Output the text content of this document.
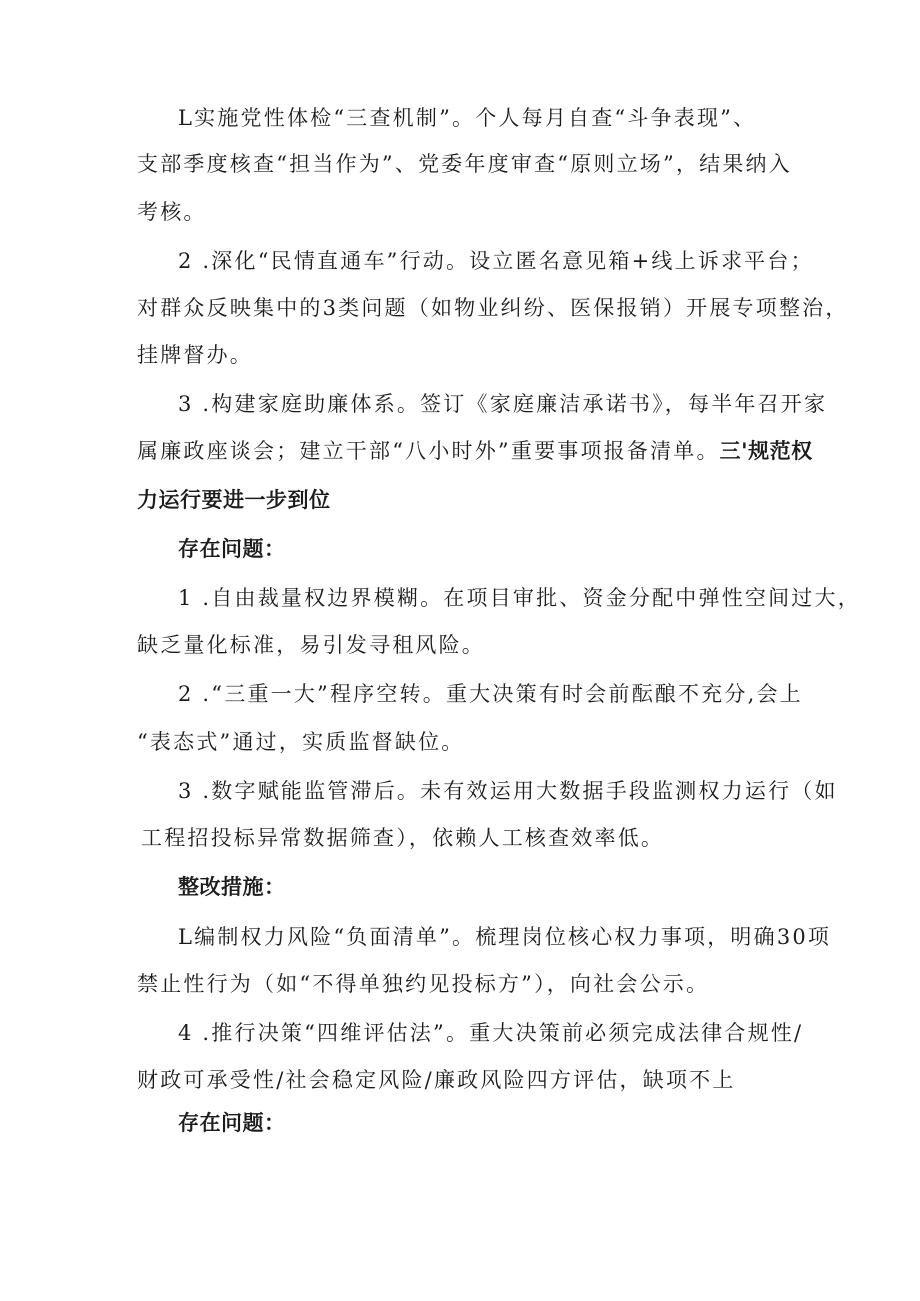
L实施党性体检“三查机制”。个人每月自查“斗争表现”、
支部季度核查“担当作为”、党委年度审查“原则立场”，结果纳入
考核。
2 .深化“民情直通车”行动。设立匿名意见箱+线上诉求平台；
对群众反映集中的3类问题（如物业纠纷、医保报销）开展专项整治，
挂牌督办。
3 .构建家庭助廉体系。签订《家庭廉洁承诺书》，每半年召开家
属廉政座谈会；建立干部“八小时外”重要事项报备清单。三'规范权
力运行要进一步到位
存在问题：
1 .自由裁量权边界模糊。在项目审批、资金分配中弹性空间过大，
缺乏量化标准，易引发寻租风险。
2 .“三重一大”程序空转。重大决策有时会前酝酿不充分,会上
“表态式”通过，实质监督缺位。
3 .数字赋能监管滞后。未有效运用大数据手段监测权力运行（如
工程招投标异常数据筛查），依赖人工核查效率低。
整改措施：
L编制权力风险“负面清单”。梳理岗位核心权力事项，明确30项
禁止性行为（如“不得单独约见投标方”），向社会公示。
4 .推行决策“四维评估法”。重大决策前必须完成法律合规性/
财政可承受性/社会稳定风险/廉政风险四方评估，缺项不上
存在问题：
